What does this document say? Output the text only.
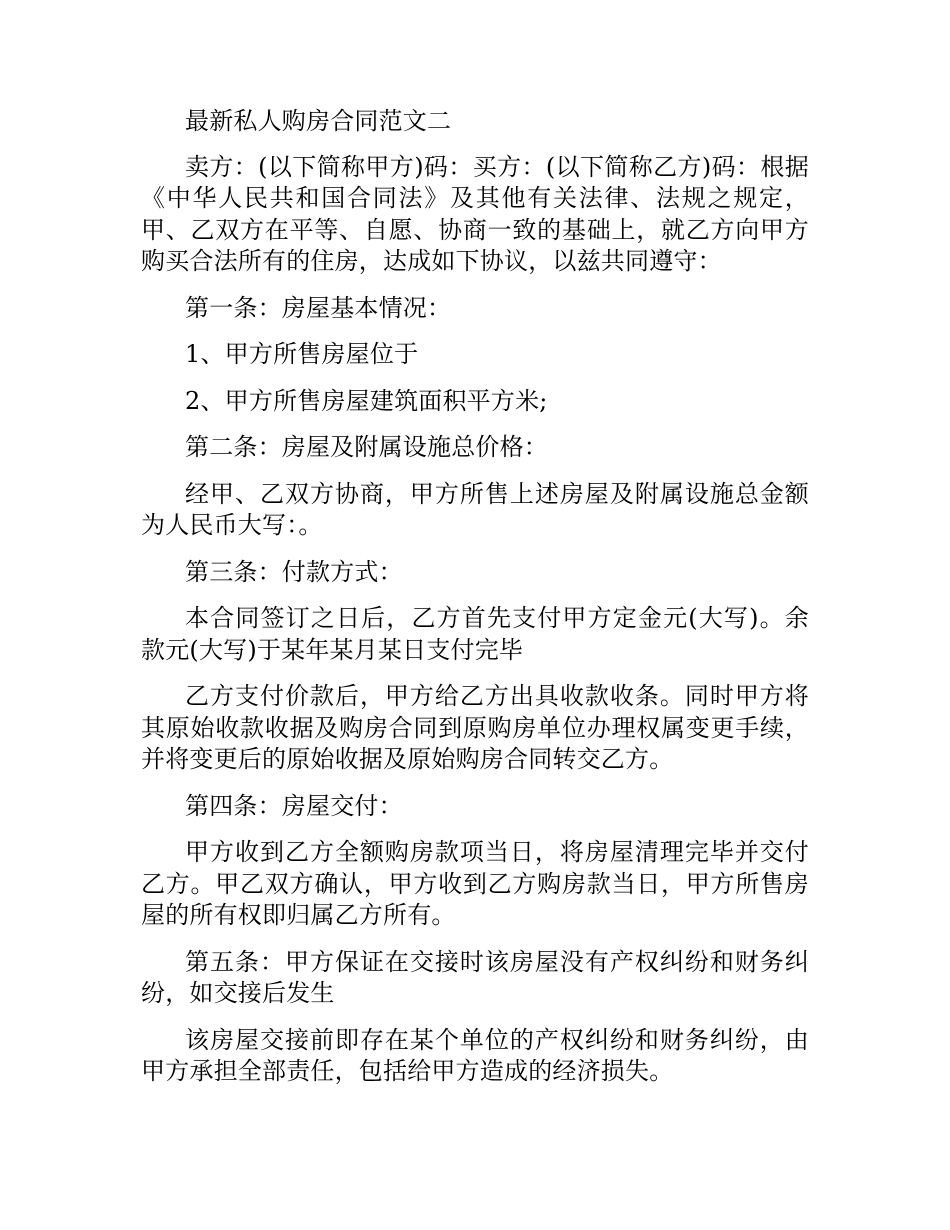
最新私人购房合同范文二

卖方：(以下简称甲方)码：买方：(以下简称乙方)码：根据《中华人民共和国合同法》及其他有关法律、法规之规定，甲、乙双方在平等、自愿、协商一致的基础上，就乙方向甲方购买合法所有的住房，达成如下协议，以兹共同遵守：

第一条：房屋基本情况：

1、甲方所售房屋位于

2、甲方所售房屋建筑面积平方米;

第二条：房屋及附属设施总价格：

经甲、乙双方协商，甲方所售上述房屋及附属设施总金额为人民币大写：。

第三条：付款方式：

本合同签订之日后，乙方首先支付甲方定金元(大写)。余款元(大写)于某年某月某日支付完毕

乙方支付价款后，甲方给乙方出具收款收条。同时甲方将其原始收款收据及购房合同到原购房单位办理权属变更手续，并将变更后的原始收据及原始购房合同转交乙方。

第四条：房屋交付：

甲方收到乙方全额购房款项当日，将房屋清理完毕并交付乙方。甲乙双方确认，甲方收到乙方购房款当日，甲方所售房屋的所有权即归属乙方所有。

第五条：甲方保证在交接时该房屋没有产权纠纷和财务纠纷，如交接后发生

该房屋交接前即存在某个单位的产权纠纷和财务纠纷，由甲方承担全部责任，包括给甲方造成的经济损失。
